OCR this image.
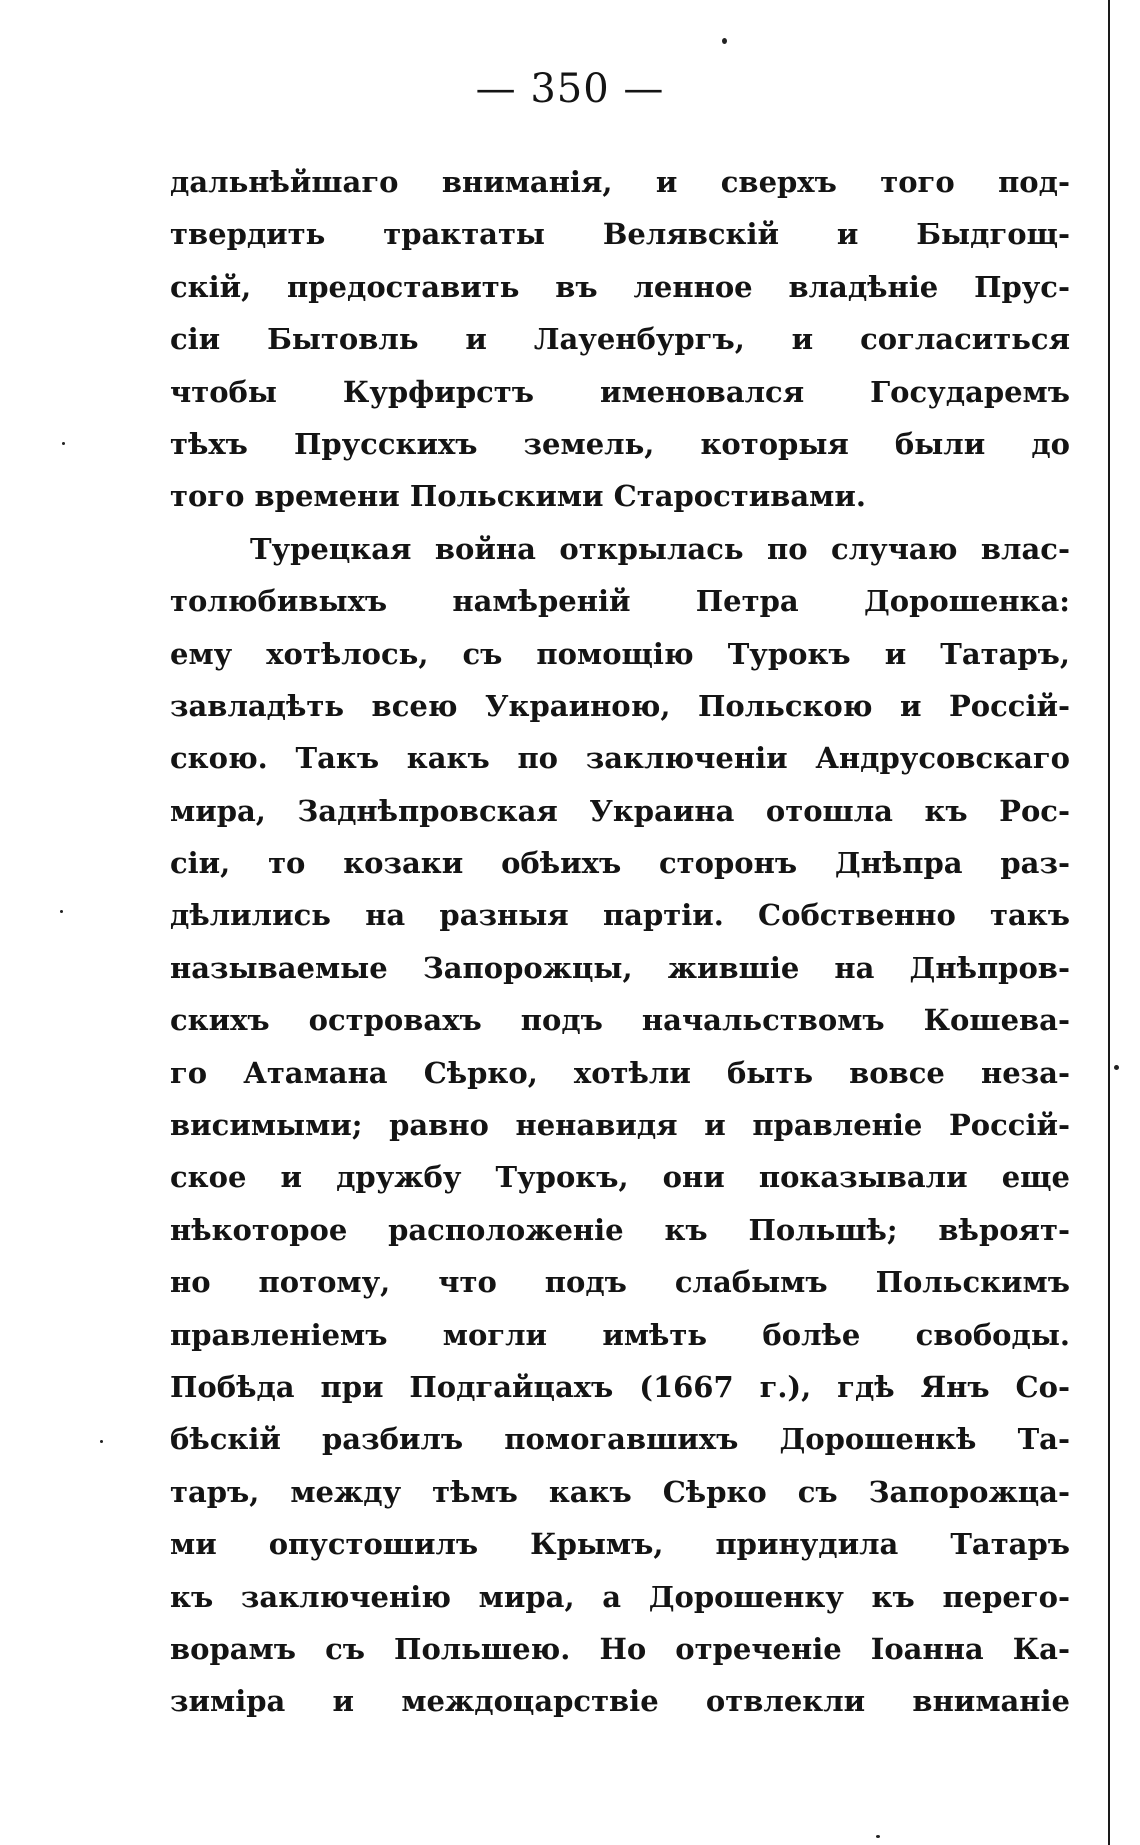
— 350 —
дальнѣйшаго вниманія, и сверхъ того под-
твердить трактаты Велявскій и Быдгощ-
скій, предоставить въ ленное владѣніе Прус-
сіи Бытовль и Лауенбургъ, и согласиться
чтобы Курфирстъ именовался Государемъ
тѣхъ Прусскихъ земель, которыя были до
того времени Польскими Старостивами.
Турецкая война открылась по случаю влас-
толюбивыхъ намѣреній Петра Дорошенка:
ему хотѣлось, съ помощію Турокъ и Татаръ,
завладѣть всею Украиною, Польскою и Россій-
скою. Такъ какъ по заключеніи Андрусовскаго
мира, Заднѣпровская Украина отошла къ Рос-
сіи, то козаки обѣихъ сторонъ Днѣпра раз-
дѣлились на разныя партіи. Собственно такъ
называемые Запорожцы, жившіе на Днѣпров-
скихъ островахъ подъ начальствомъ Кошева-
го Атамана Сѣрко, хотѣли быть вовсе неза-
висимыми; равно ненавидя и правленіе Россій-
ское и дружбу Турокъ, они показывали еще
нѣкоторое расположеніе къ Польшѣ; вѣроят-
но потому, что подъ слабымъ Польскимъ
правленіемъ могли имѣть болѣе свободы.
Побѣда при Подгайцахъ (1667 г.), гдѣ Янъ Со-
бѣскій разбилъ помогавшихъ Дорошенкѣ Та-
таръ, между тѣмъ какъ Сѣрко съ Запорожца-
ми опустошилъ Крымъ, принудила Татаръ
къ заключенію мира, а Дорошенку къ перего-
ворамъ съ Польшею. Но отреченіе Іоанна Ка-
зиміра и междоцарствіе отвлекли вниманіе
